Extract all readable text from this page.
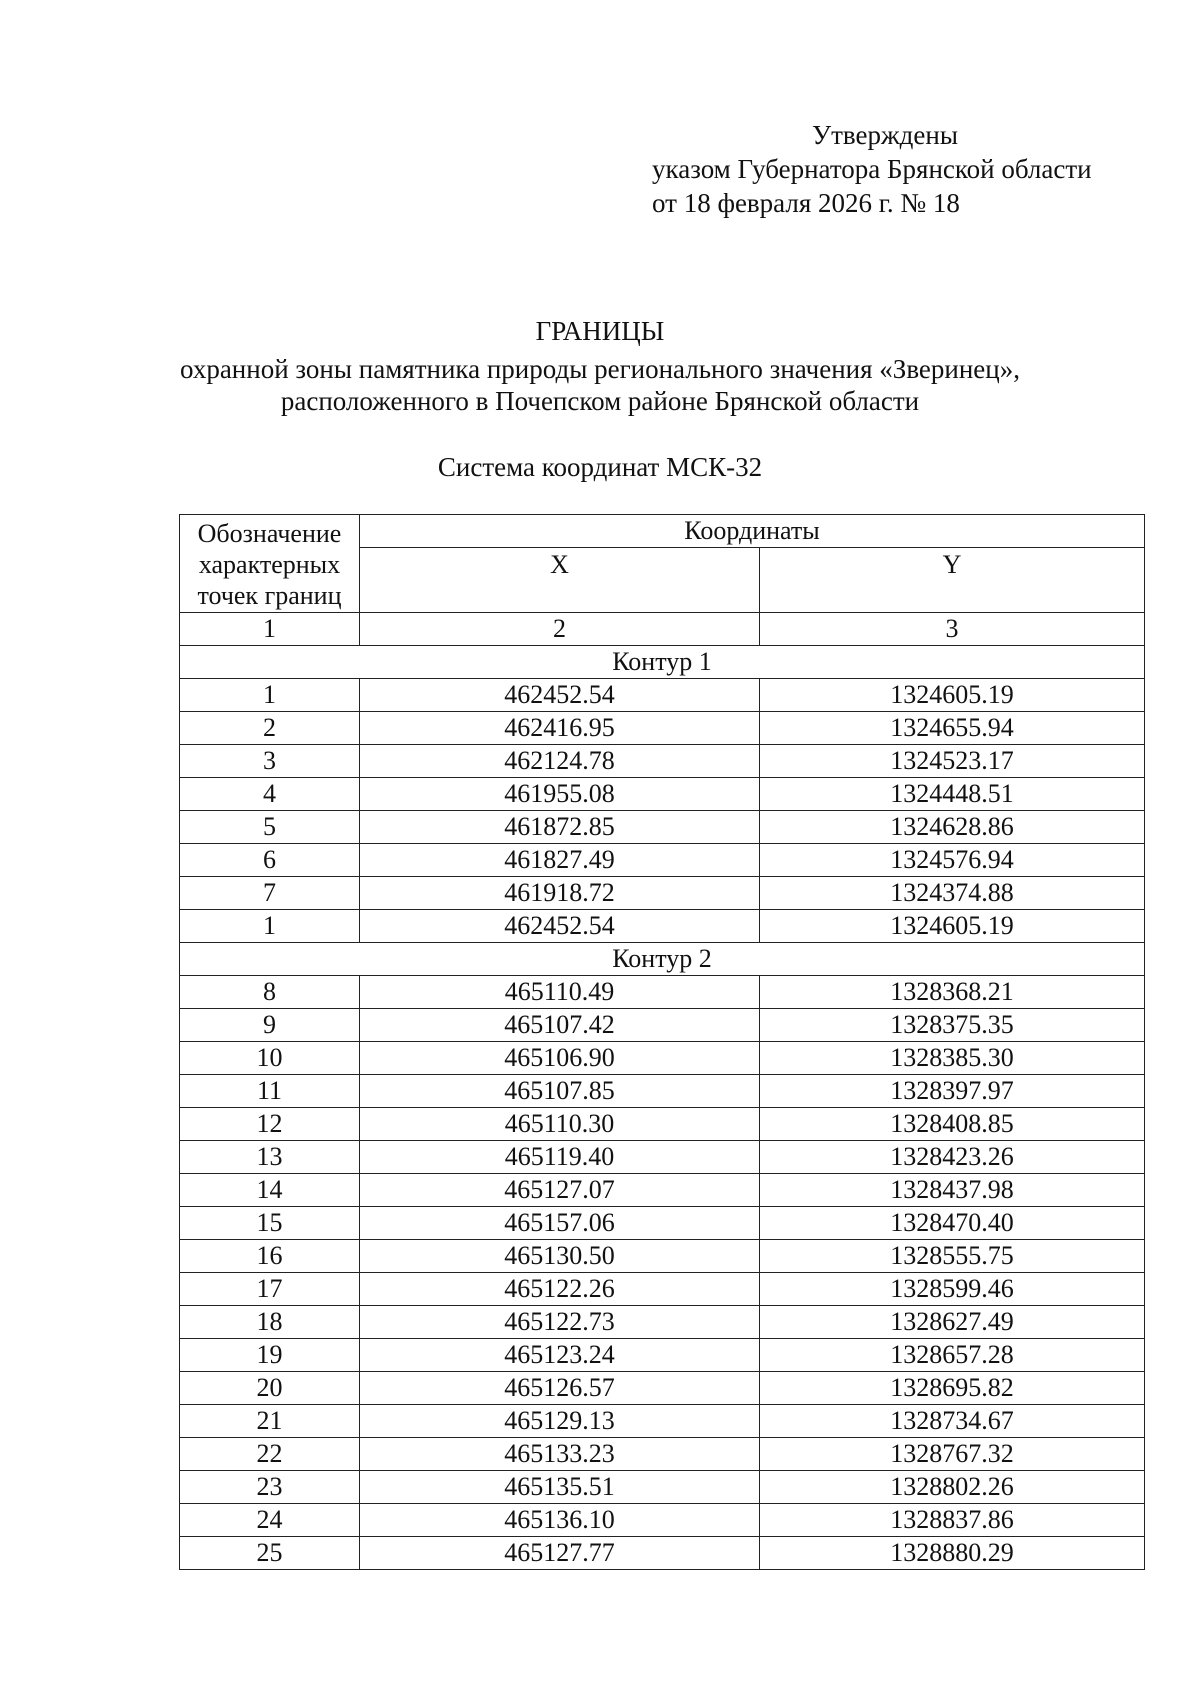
Утверждены
указом Губернатора Брянской области
от 18 февраля 2026 г. № 18
ГРАНИЦЫ
охранной зоны памятника природы регионального значения «Зверинец»,
расположенного в Почепском районе Брянской области
Система координат МСК-32
Обозначение характерных точек границ	Координаты	
	X	Y
1	2	3
Контур 1		
1	462452.54	1324605.19
2	462416.95	1324655.94
3	462124.78	1324523.17
4	461955.08	1324448.51
5	461872.85	1324628.86
6	461827.49	1324576.94
7	461918.72	1324374.88
1	462452.54	1324605.19
Контур 2		
8	465110.49	1328368.21
9	465107.42	1328375.35
10	465106.90	1328385.30
11	465107.85	1328397.97
12	465110.30	1328408.85
13	465119.40	1328423.26
14	465127.07	1328437.98
15	465157.06	1328470.40
16	465130.50	1328555.75
17	465122.26	1328599.46
18	465122.73	1328627.49
19	465123.24	1328657.28
20	465126.57	1328695.82
21	465129.13	1328734.67
22	465133.23	1328767.32
23	465135.51	1328802.26
24	465136.10	1328837.86
25	465127.77	1328880.29
